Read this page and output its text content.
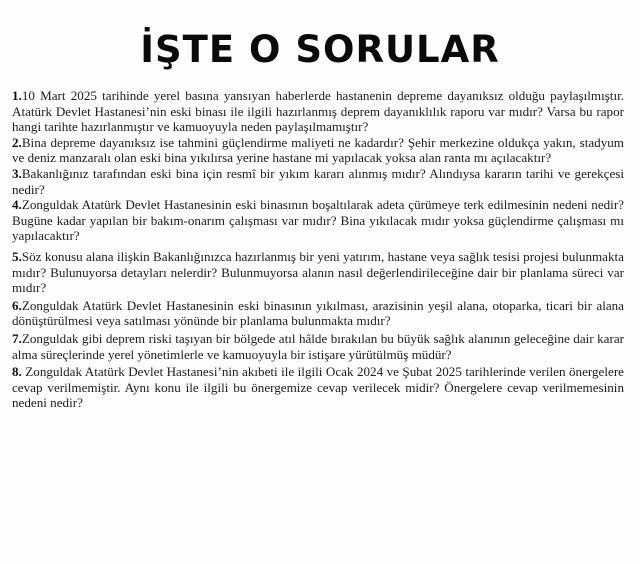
İŞTE O SORULAR

1.10 Mart 2025 tarihinde yerel basına yansıyan haberlerde hastanenin depreme dayanıksız olduğu paylaşılmıştır. Atatürk Devlet Hastanesi’nin eski binası ile ilgili hazırlanmış deprem dayanıklılık raporu var mıdır? Varsa bu rapor hangi tarihte hazırlanmıştır ve kamuoyuyla neden paylaşılmamıştır?

2.Bina depreme dayanıksız ise tahmini güçlendirme maliyeti ne kadardır? Şehir merkezine oldukça yakın, stadyum ve deniz manzaralı olan eski bina yıkılırsa yerine hastane mi yapılacak yoksa alan ranta mı açılacaktır?

3.Bakanlığınız tarafından eski bina için resmî bir yıkım kararı alınmış mıdır? Alındıysa kararın tarihi ve gerekçesi nedir?

4.Zonguldak Atatürk Devlet Hastanesinin eski binasının boşaltılarak adeta çürümeye terk edilmesinin nedeni nedir? Bugüne kadar yapılan bir bakım-onarım çalışması var mıdır? Bina yıkılacak mıdır yoksa güçlendirme çalışması mı yapılacaktır?

5.Söz konusu alana ilişkin Bakanlığınızca hazırlanmış bir yeni yatırım, hastane veya sağlık tesisi projesi bulunmakta mıdır? Bulunuyorsa detayları nelerdir? Bulunmuyorsa alanın nasıl değerlendirileceğine dair bir planlama süreci var mıdır?

6.Zonguldak Atatürk Devlet Hastanesinin eski binasının yıkılması, arazisinin yeşil alana, otoparka, ticari bir alana dönüştürülmesi veya satılması yönünde bir planlama bulunmakta mıdır?

7.Zonguldak gibi deprem riski taşıyan bir bölgede atıl hâlde bırakılan bu büyük sağlık alanının geleceğine dair karar alma süreçlerinde yerel yönetimlerle ve kamuoyuyla bir istişare yürütülmüş müdür?

8. Zonguldak Atatürk Devlet Hastanesi’nin akıbeti ile ilgili Ocak 2024 ve Şubat 2025 tarihlerinde verilen önergelere cevap verilmemiştir. Aynı konu ile ilgili bu önergemize cevap verilecek midir? Önergelere cevap verilmemesinin nedeni nedir?
